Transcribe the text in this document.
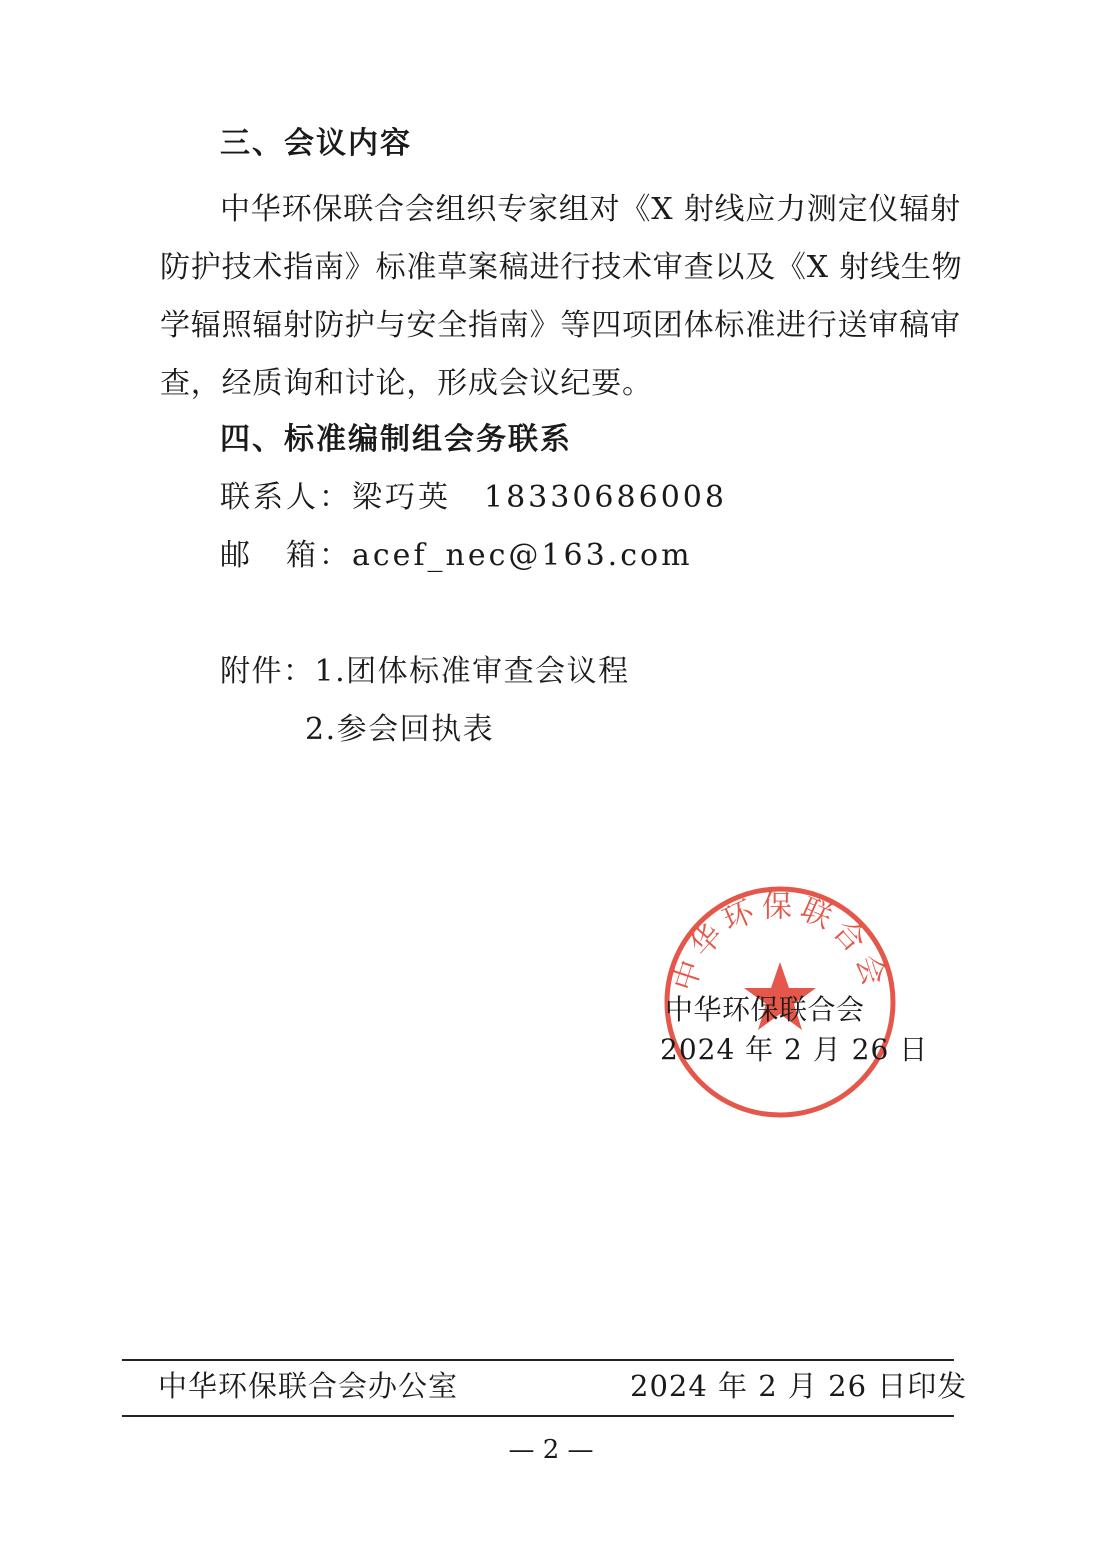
三、会议内容
中华环保联合会组织专家组对《X 射线应力测定仪辐射
防护技术指南》标准草案稿进行技术审查以及《X 射线生物
学辐照辐射防护与安全指南》等四项团体标准进行送审稿审
查，经质询和讨论，形成会议纪要。
四、标准编制组会务联系
联系人：梁巧英　18330686008
邮　箱：acef_nec@163.com
附件：1.团体标准审查会议程
2.参会回执表
中华环保联合会
中华环保联合会
2024 年 2 月 26 日
中华环保联合会办公室	2024 年 2 月 26 日印发
— 2 —
